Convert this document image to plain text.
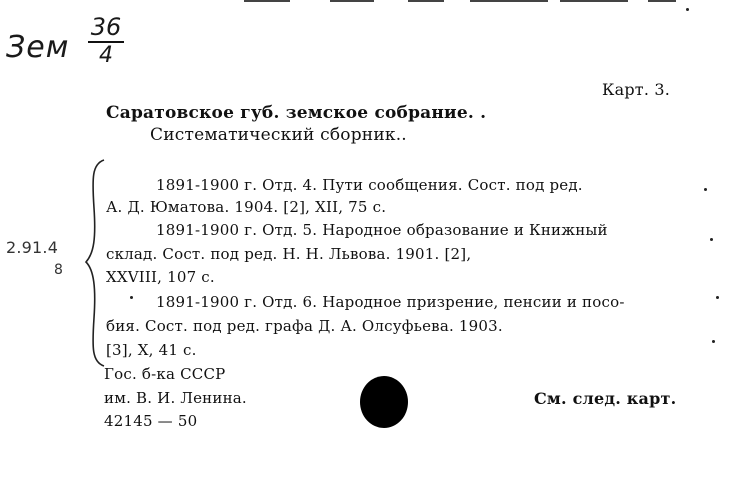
Зем
36
4
Карт. 3.
Саратовское губ. земское собрание. .
Систематический сборник..
2.91.4
8
1891-1900 г. Отд. 4. Пути сообщения. Сост. под ред.
А. Д. Юматова. 1904. [2], XII, 75 с.
1891-1900 г. Отд. 5. Народное образование и Книжный
склад. Сост. под ред. Н. Н. Львова. 1901. [2],
XXVIII, 107 с.
1891-1900 г. Отд. 6. Народное призрение, пенсии и посо-
бия. Сост. под ред. графа Д. А. Олсуфьева. 1903.
[3], X, 41 с.
Гос. б-ка СССР
им. В. И. Ленина.
42145 — 50
См. след. карт.
